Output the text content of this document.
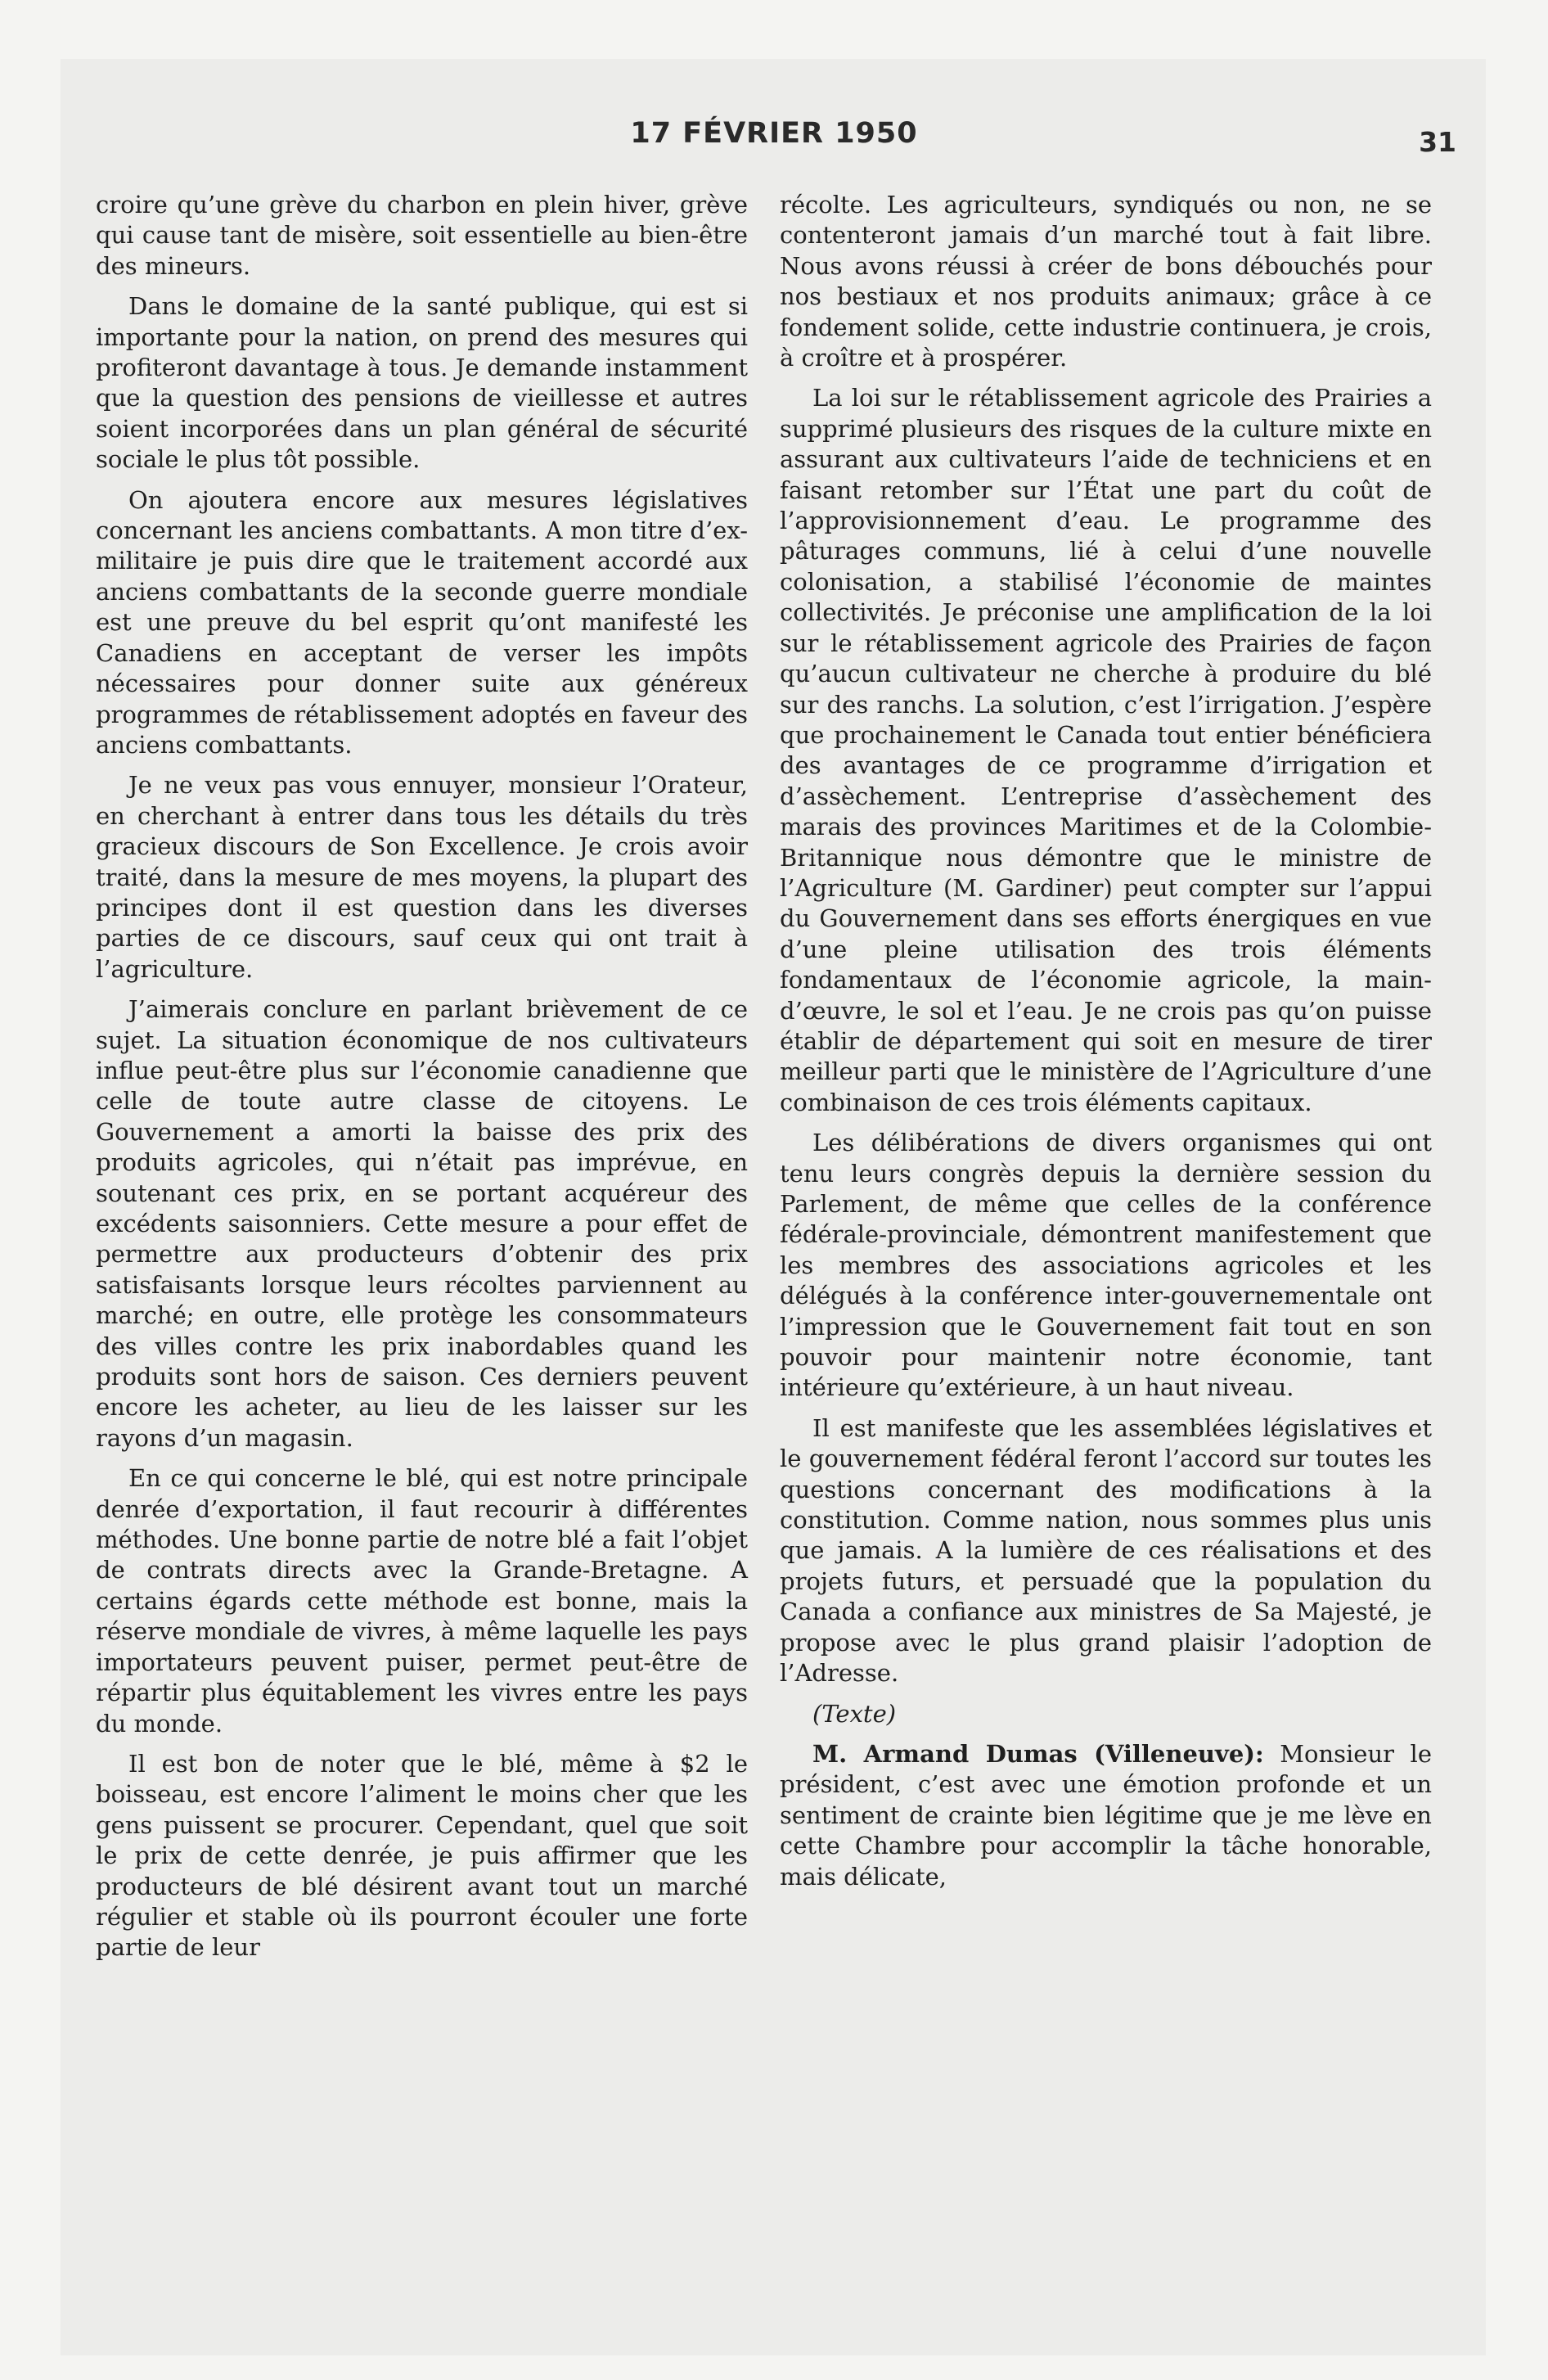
17 FÉVRIER 1950	31

croire qu’une grève du charbon en plein hiver, grève qui cause tant de misère, soit essentielle au bien-être des mineurs.

Dans le domaine de la santé publique, qui est si importante pour la nation, on prend des mesures qui profiteront davantage à tous. Je demande instamment que la question des pensions de vieillesse et autres soient incorporées dans un plan général de sécurité sociale le plus tôt possible.

On ajoutera encore aux mesures législatives concernant les anciens combattants. A mon titre d’ex-militaire je puis dire que le traitement accordé aux anciens combattants de la seconde guerre mondiale est une preuve du bel esprit qu’ont manifesté les Canadiens en acceptant de verser les impôts nécessaires pour donner suite aux généreux programmes de rétablissement adoptés en faveur des anciens combattants.

Je ne veux pas vous ennuyer, monsieur l’Orateur, en cherchant à entrer dans tous les détails du très gracieux discours de Son Excellence. Je crois avoir traité, dans la mesure de mes moyens, la plupart des principes dont il est question dans les diverses parties de ce discours, sauf ceux qui ont trait à l’agriculture.

J’aimerais conclure en parlant brièvement de ce sujet. La situation économique de nos cultivateurs influe peut-être plus sur l’économie canadienne que celle de toute autre classe de citoyens. Le Gouvernement a amorti la baisse des prix des produits agricoles, qui n’était pas imprévue, en soutenant ces prix, en se portant acquéreur des excédents saisonniers. Cette mesure a pour effet de permettre aux producteurs d’obtenir des prix satisfaisants lorsque leurs récoltes parviennent au marché; en outre, elle protège les consommateurs des villes contre les prix inabordables quand les produits sont hors de saison. Ces derniers peuvent encore les acheter, au lieu de les laisser sur les rayons d’un magasin.

En ce qui concerne le blé, qui est notre principale denrée d’exportation, il faut recourir à différentes méthodes. Une bonne partie de notre blé a fait l’objet de contrats directs avec la Grande-Bretagne. A certains égards cette méthode est bonne, mais la réserve mondiale de vivres, à même laquelle les pays importateurs peuvent puiser, permet peut-être de répartir plus équitablement les vivres entre les pays du monde.

Il est bon de noter que le blé, même à $2 le boisseau, est encore l’aliment le moins cher que les gens puissent se procurer. Cependant, quel que soit le prix de cette denrée, je puis affirmer que les producteurs de blé désirent avant tout un marché régulier et stable où ils pourront écouler une forte partie de leur

récolte. Les agriculteurs, syndiqués ou non, ne se contenteront jamais d’un marché tout à fait libre. Nous avons réussi à créer de bons débouchés pour nos bestiaux et nos produits animaux; grâce à ce fondement solide, cette industrie continuera, je crois, à croître et à prospérer.

La loi sur le rétablissement agricole des Prairies a supprimé plusieurs des risques de la culture mixte en assurant aux cultivateurs l’aide de techniciens et en faisant retomber sur l’État une part du coût de l’approvisionnement d’eau. Le programme des pâturages communs, lié à celui d’une nouvelle colonisation, a stabilisé l’économie de maintes collectivités. Je préconise une amplification de la loi sur le rétablissement agricole des Prairies de façon qu’aucun cultivateur ne cherche à produire du blé sur des ranchs. La solution, c’est l’irrigation. J’espère que prochainement le Canada tout entier bénéficiera des avantages de ce programme d’irrigation et d’assèchement. L’entreprise d’assèchement des marais des provinces Maritimes et de la Colombie-Britannique nous démontre que le ministre de l’Agriculture (M. Gardiner) peut compter sur l’appui du Gouvernement dans ses efforts énergiques en vue d’une pleine utilisation des trois éléments fondamentaux de l’économie agricole, la main-d’œuvre, le sol et l’eau. Je ne crois pas qu’on puisse établir de département qui soit en mesure de tirer meilleur parti que le ministère de l’Agriculture d’une combinaison de ces trois éléments capitaux.

Les délibérations de divers organismes qui ont tenu leurs congrès depuis la dernière session du Parlement, de même que celles de la conférence fédérale-provinciale, démontrent manifestement que les membres des associations agricoles et les délégués à la conférence inter-gouvernementale ont l’impression que le Gouvernement fait tout en son pouvoir pour maintenir notre économie, tant intérieure qu’extérieure, à un haut niveau.

Il est manifeste que les assemblées législatives et le gouvernement fédéral feront l’accord sur toutes les questions concernant des modifications à la constitution. Comme nation, nous sommes plus unis que jamais. A la lumière de ces réalisations et des projets futurs, et persuadé que la population du Canada a confiance aux ministres de Sa Majesté, je propose avec le plus grand plaisir l’adoption de l’Adresse.

(Texte)

M. Armand Dumas (Villeneuve): Monsieur le président, c’est avec une émotion profonde et un sentiment de crainte bien légitime que je me lève en cette Chambre pour accomplir la tâche honorable, mais délicate,
